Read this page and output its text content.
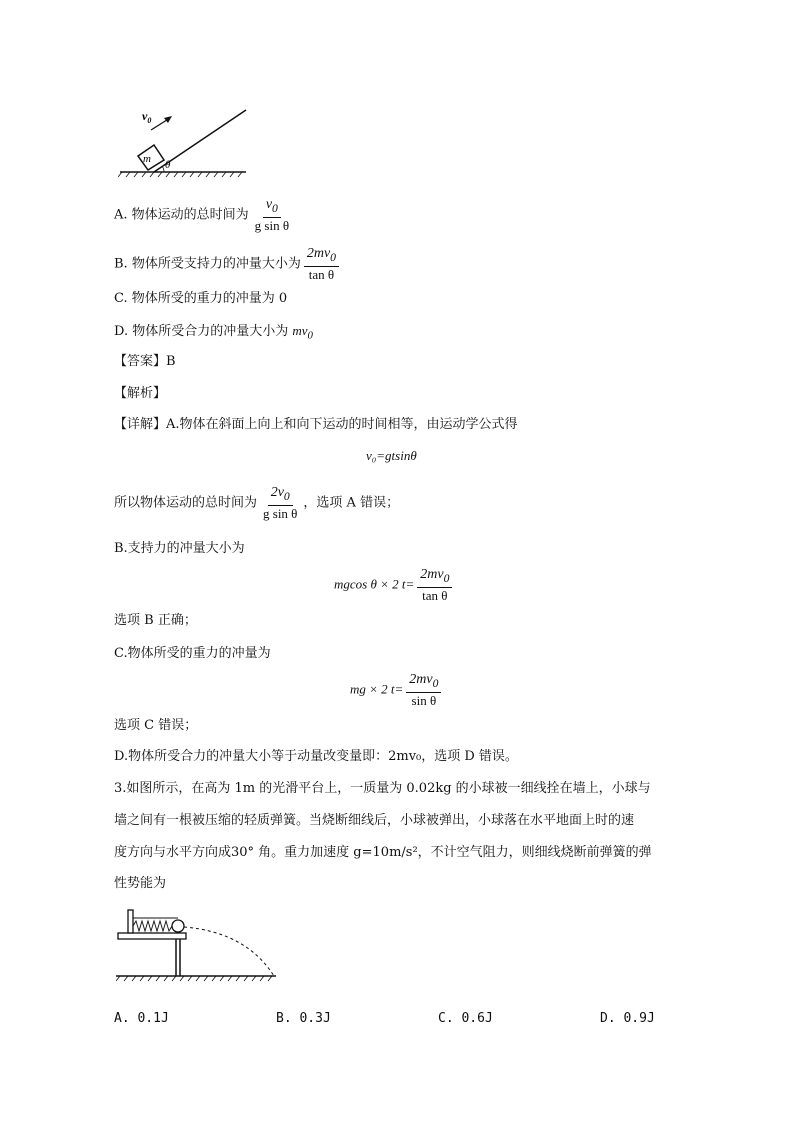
m θ
$v_0$
A. 物体运动的总时间为 $\frac{v_0}{\text{g sin θ}}$
B. 物体所受支持力的冲量大小为 $\frac{2mv_0}{\text{tan θ}}$
C. 物体所受的重力的冲量为 0
D. 物体所受合力的冲量大小为 $mv_0$
【答案】B
【解析】
【详解】A.物体在斜面上向上和向下运动的时间相等，由运动学公式得
v₀=gtsinθ
所以物体运动的总时间为 $\frac{2v_0}{\text{g sin θ}}$ ，选项 A 错误；
B.支持力的冲量大小为
mgcos θ × 2 $t= \frac{2mv_0}{\text{tan θ}}$
选项 B 正确；
C.物体所受的重力的冲量为
mg × 2 $t= \frac{2mv_0}{\text{sin θ}}$
选项 C 错误；
D.物体所受合力的冲量大小等于动量改变量即：2mv₀，选项 D 错误。
3.如图所示，在高为 1m 的光滑平台上，一质量为 0.02kg 的小球被一细线拴在墙上，小球与
墙之间有一根被压缩的轻质弹簧。当烧断细线后，小球被弹出，小球落在水平地面上时的速
度方向与水平方向成30° 角。重力加速度 g=10m/s²，不计空气阻力，则细线烧断前弹簧的弹
性势能为
A. 0.1J	B. 0.3J	C. 0.6J	D. 0.9J
